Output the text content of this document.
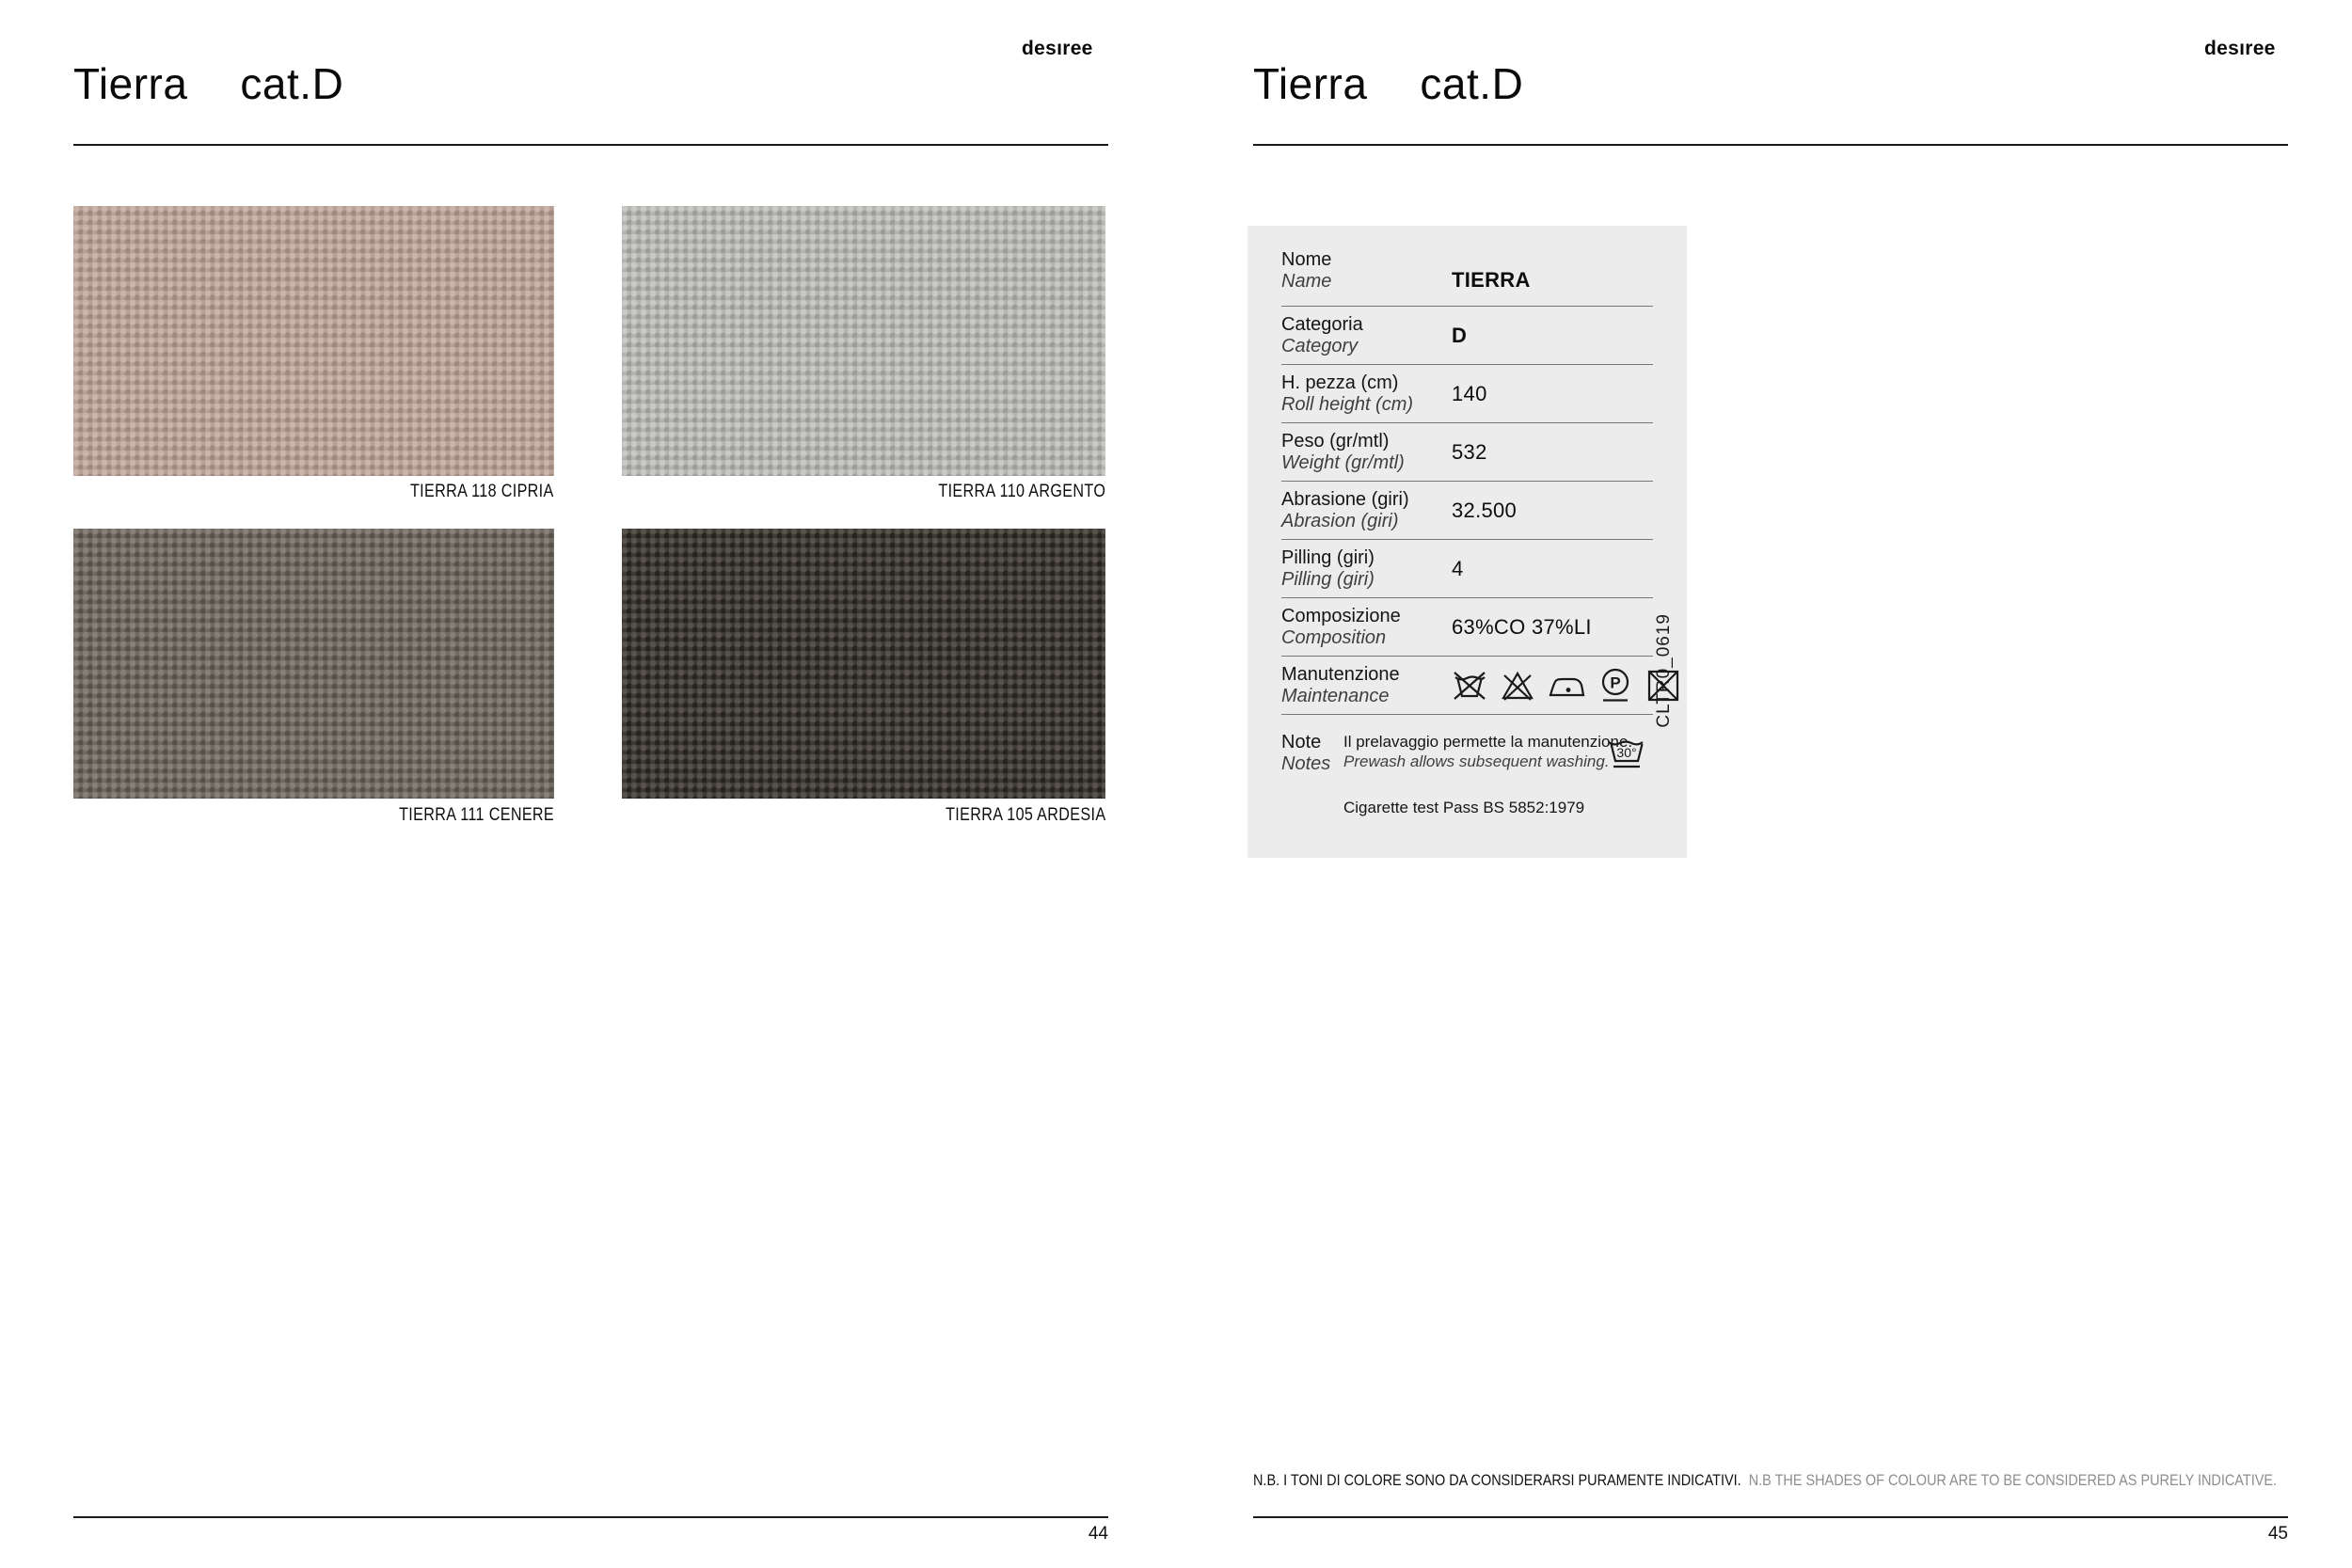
desıree
Tierra cat.D
TIERRA 118 CIPRIA	TIERRA 110 ARGENTO
TIERRA 111 CENERE	TIERRA 105 ARDESIA
44
desıree
Tierra cat.D
Nome
Name	TIERRA
Categoria
Category	D
H. pezza (cm)
Roll height (cm)	140
Peso (gr/mtl)
Weight (gr/mtl)	532
Abrasione (giri)
Abrasion (giri)	32.500
Pilling (giri)
Pilling (giri)	4
Composizione
Composition	63%CO 37%LI
Manutenzione
Maintenance
P
Note
Notes
Il prelavaggio permette la manutenzione.
Prewash allows subsequent washing.
Cigarette test Pass BS 5852:1979
30°
CLTR0_0619
N.B. I TONI DI COLORE SONO DA CONSIDERARSI PURAMENTE INDICATIVI. N.B THE SHADES OF COLOUR ARE TO BE CONSIDERED AS PURELY INDICATIVE.
45
